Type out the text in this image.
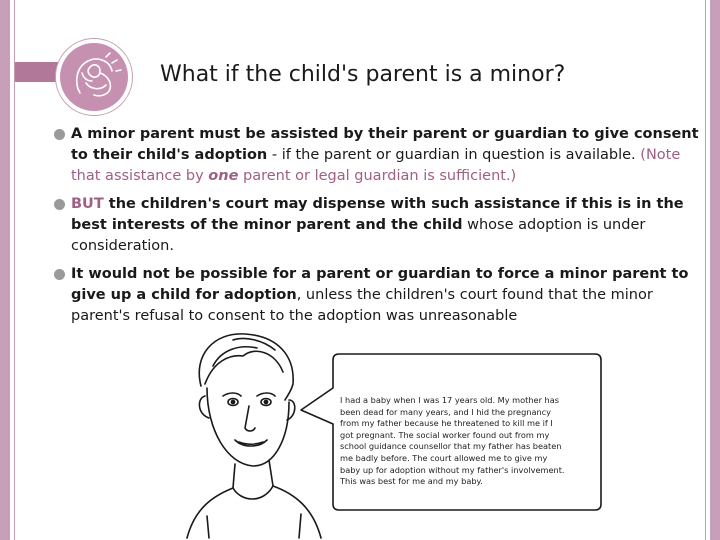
What if the child's parent is a minor?
A minor parent must be assisted by their parent or guardian to give consent to their child's adoption - if the parent or guardian in question is available. (Note that assistance by one parent or legal guardian is sufficient.)
BUT the children's court may dispense with such assistance if this is in the best interests of the minor parent and the child whose adoption is under consideration.
It would not be possible for a parent or guardian to force a minor parent to give up a child for adoption, unless the children's court found that the minor parent's refusal to consent to the adoption was unreasonable
I had a baby when I was 17 years old. My mother has been dead for many years, and I hid the pregnancy from my father because he threatened to kill me if I got pregnant. The social worker found out from my school guidance counsellor that my father has beaten me badly before. The court allowed me to give my baby up for adoption without my father's involvement. This was best for me and my baby.
